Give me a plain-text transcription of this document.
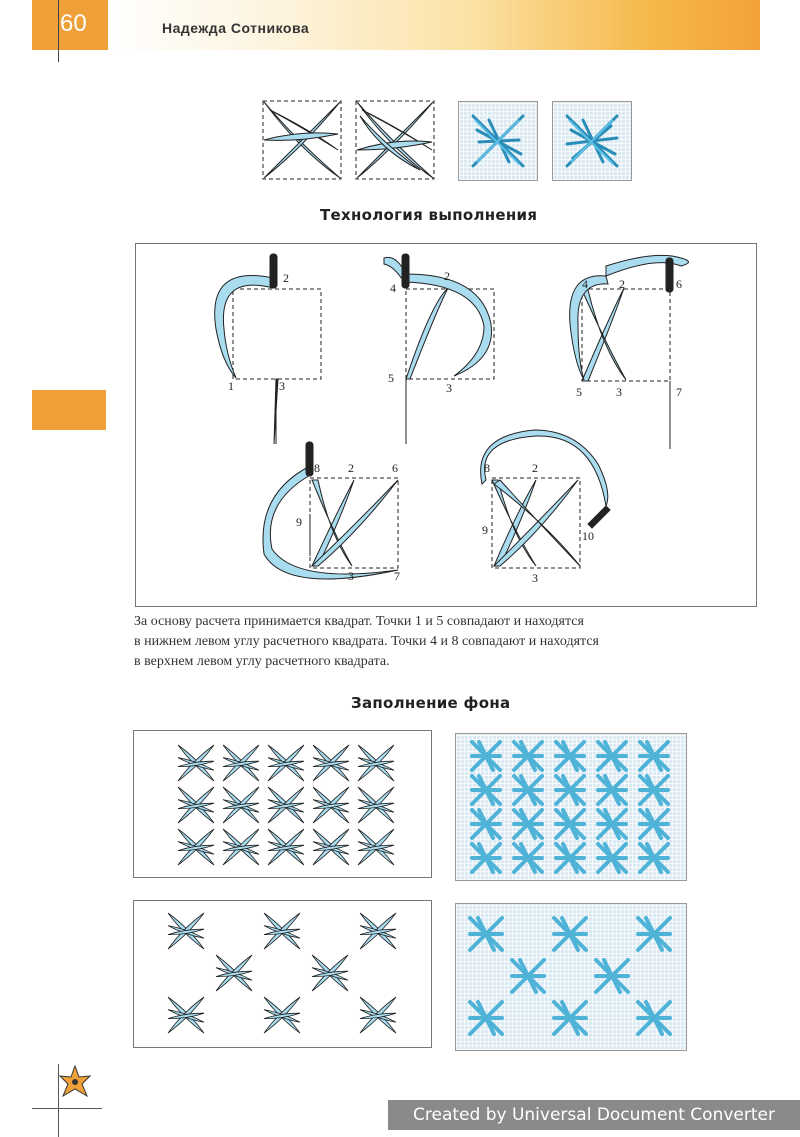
60	Надежда Сотникова
Технология выполнения
2
1	3
2
4
5
3
2
4	6
5	3	7
8 2	6
9
3	7
8	2
9	10
3
За основу расчета принимается квадрат. Точки 1 и 5 совпадают и находятся
в нижнем левом углу расчетного квадрата. Точки 4 и 8 совпадают и находятся
в верхнем левом углу расчетного квадрата.
Заполнение фона
Created by Universal Document Converter
